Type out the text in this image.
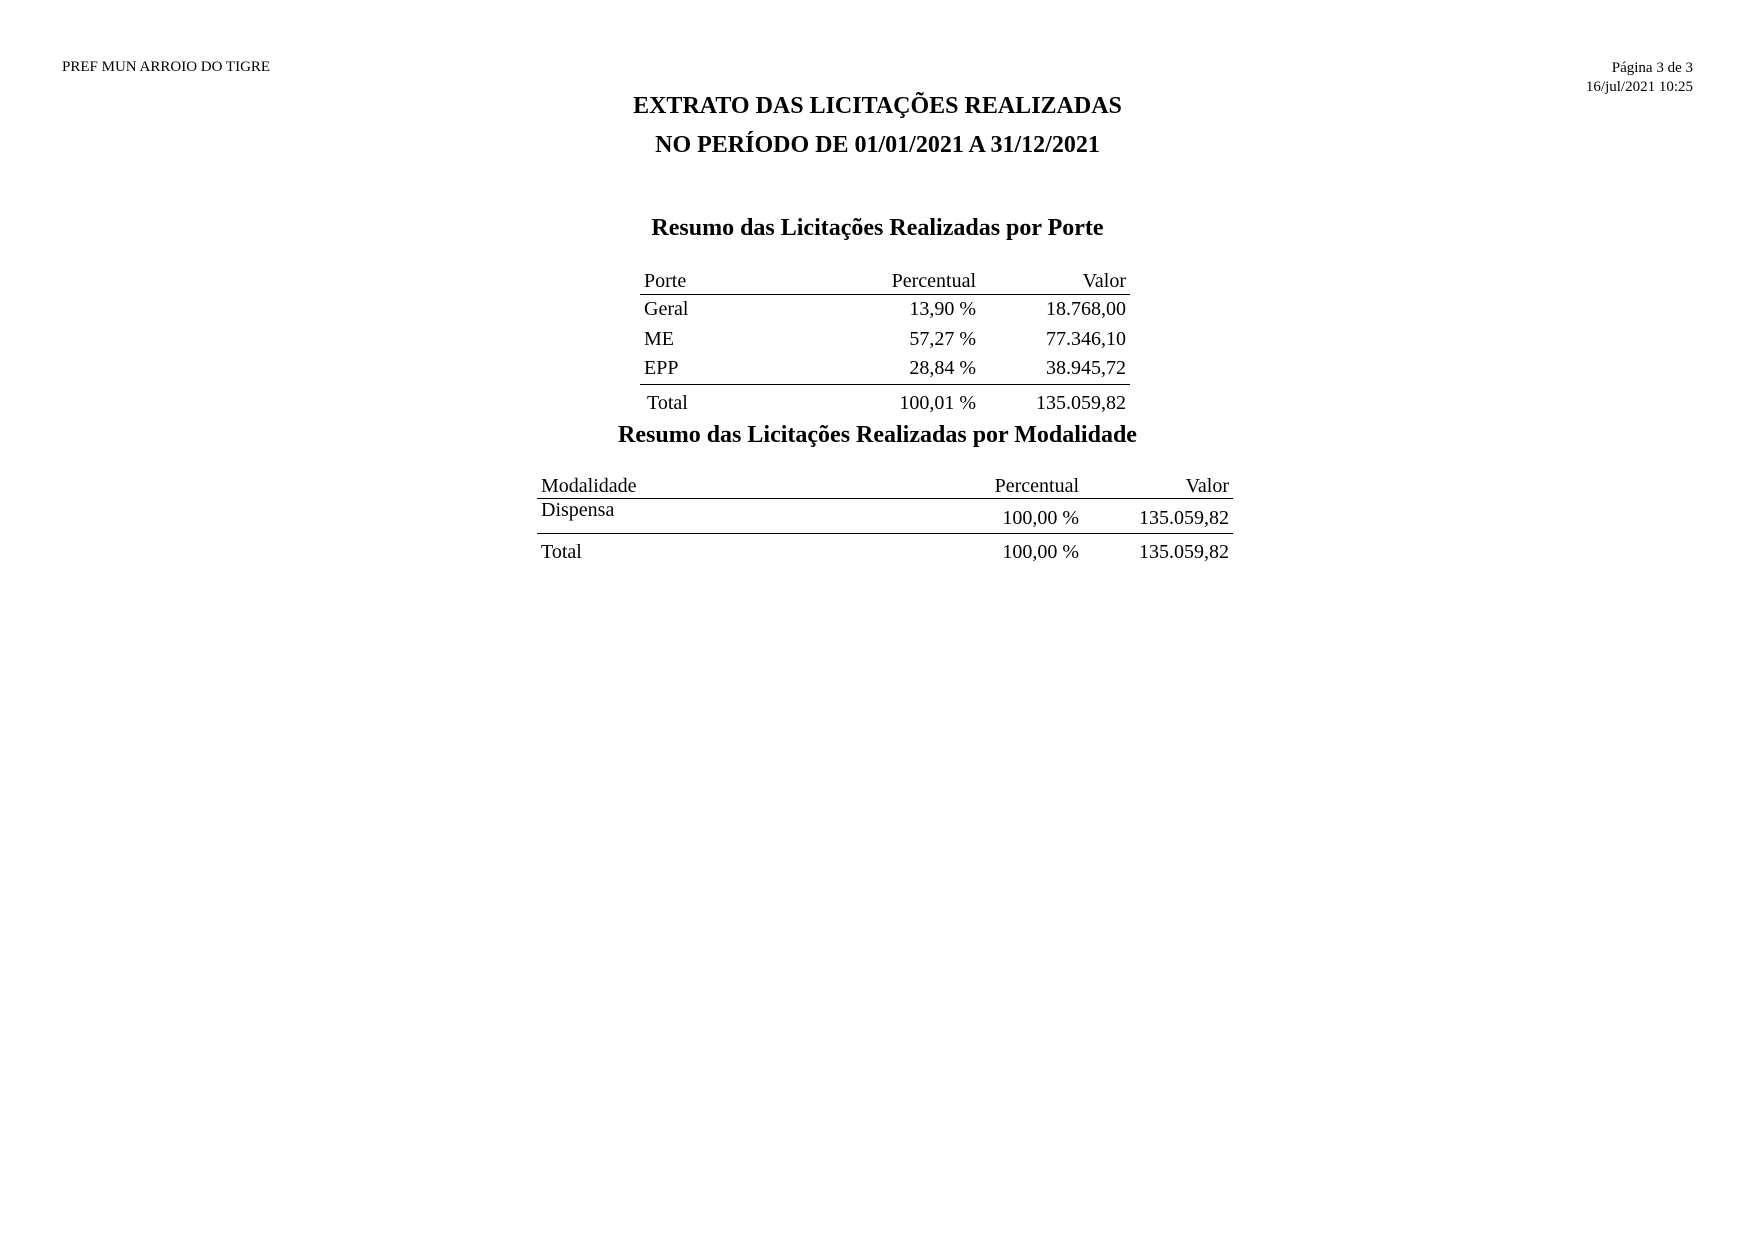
PREF MUN ARROIO DO TIGRE	Página 3 de 3
16/jul/2021 10:25
EXTRATO DAS LICITAÇÕES REALIZADAS
NO PERÍODO DE 01/01/2021 A 31/12/2021
Resumo das Licitações Realizadas por Porte
Porte	Percentual	Valor
Geral	13,90 %	18.768,00
ME	57,27 %	77.346,10
EPP	28,84 %	38.945,72
Total	100,01 %	135.059,82
Resumo das Licitações Realizadas por Modalidade
Modalidade	Percentual	Valor
Dispensa	100,00 %	135.059,82
Total	100,00 %	135.059,82
